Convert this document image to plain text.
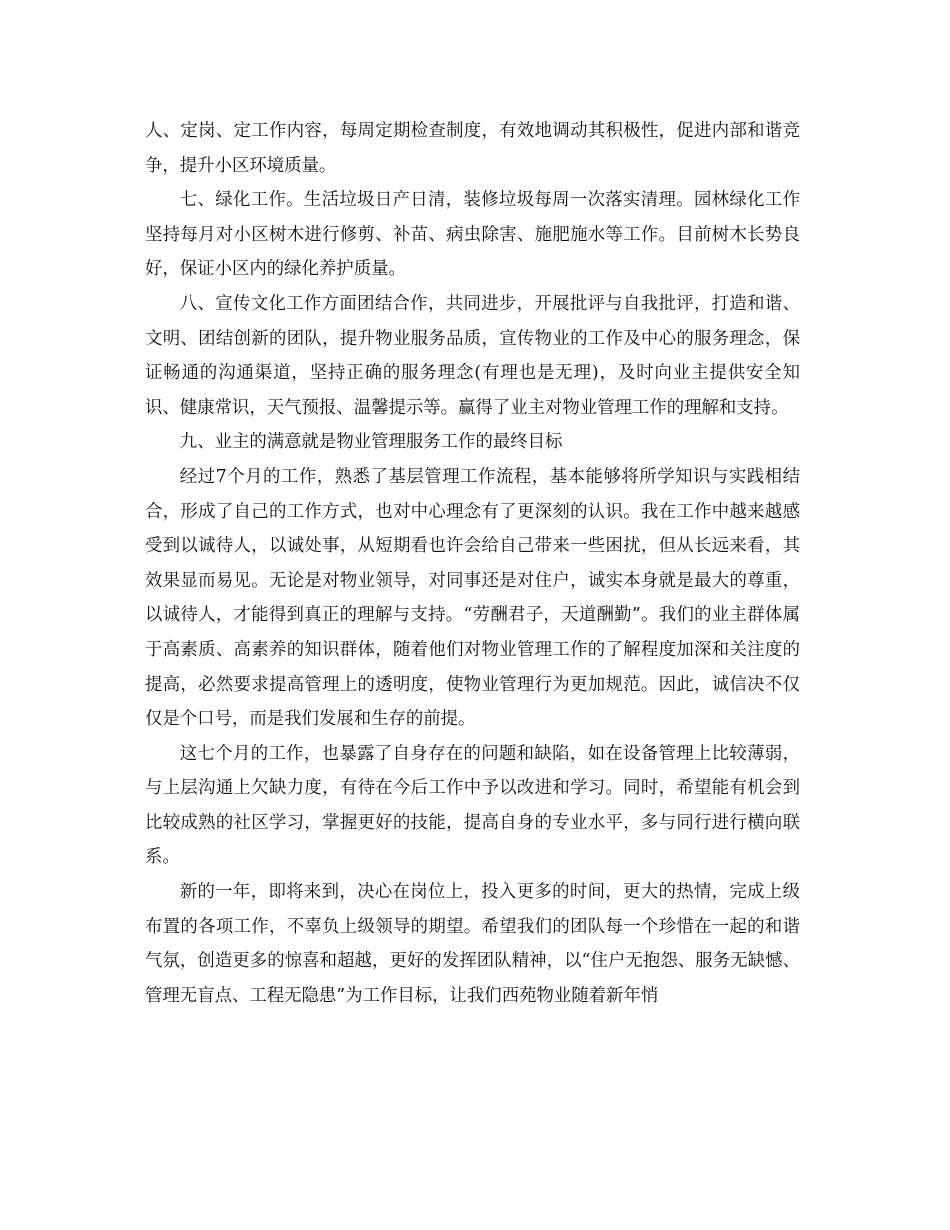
人、定岗、定工作内容，每周定期检查制度，有效地调动其积极性，促进内部和谐竞争，提升小区环境质量。

七、绿化工作。生活垃圾日产日清，装修垃圾每周一次落实清理。园林绿化工作坚持每月对小区树木进行修剪、补苗、病虫除害、施肥施水等工作。目前树木长势良好，保证小区内的绿化养护质量。

八、宣传文化工作方面团结合作，共同进步，开展批评与自我批评，打造和谐、文明、团结创新的团队，提升物业服务品质，宣传物业的工作及中心的服务理念，保证畅通的沟通渠道，坚持正确的服务理念(有理也是无理)，及时向业主提供安全知识、健康常识，天气预报、温馨提示等。赢得了业主对物业管理工作的理解和支持。

九、业主的满意就是物业管理服务工作的最终目标

经过7个月的工作，熟悉了基层管理工作流程，基本能够将所学知识与实践相结合，形成了自己的工作方式，也对中心理念有了更深刻的认识。我在工作中越来越感受到以诚待人，以诚处事，从短期看也许会给自己带来一些困扰，但从长远来看，其效果显而易见。无论是对物业领导，对同事还是对住户，诚实本身就是最大的尊重，以诚待人，才能得到真正的理解与支持。“劳酬君子，天道酬勤”。我们的业主群体属于高素质、高素养的知识群体，随着他们对物业管理工作的了解程度加深和关注度的提高，必然要求提高管理上的透明度，使物业管理行为更加规范。因此，诚信决不仅仅是个口号，而是我们发展和生存的前提。

这七个月的工作，也暴露了自身存在的问题和缺陷，如在设备管理上比较薄弱，与上层沟通上欠缺力度，有待在今后工作中予以改进和学习。同时，希望能有机会到比较成熟的社区学习，掌握更好的技能，提高自身的专业水平，多与同行进行横向联系。

新的一年，即将来到，决心在岗位上，投入更多的时间，更大的热情，完成上级布置的各项工作，不辜负上级领导的期望。希望我们的团队每一个珍惜在一起的和谐气氛，创造更多的惊喜和超越，更好的发挥团队精神，以“住户无抱怨、服务无缺憾、管理无盲点、工程无隐患”为工作目标，让我们西苑物业随着新年悄
